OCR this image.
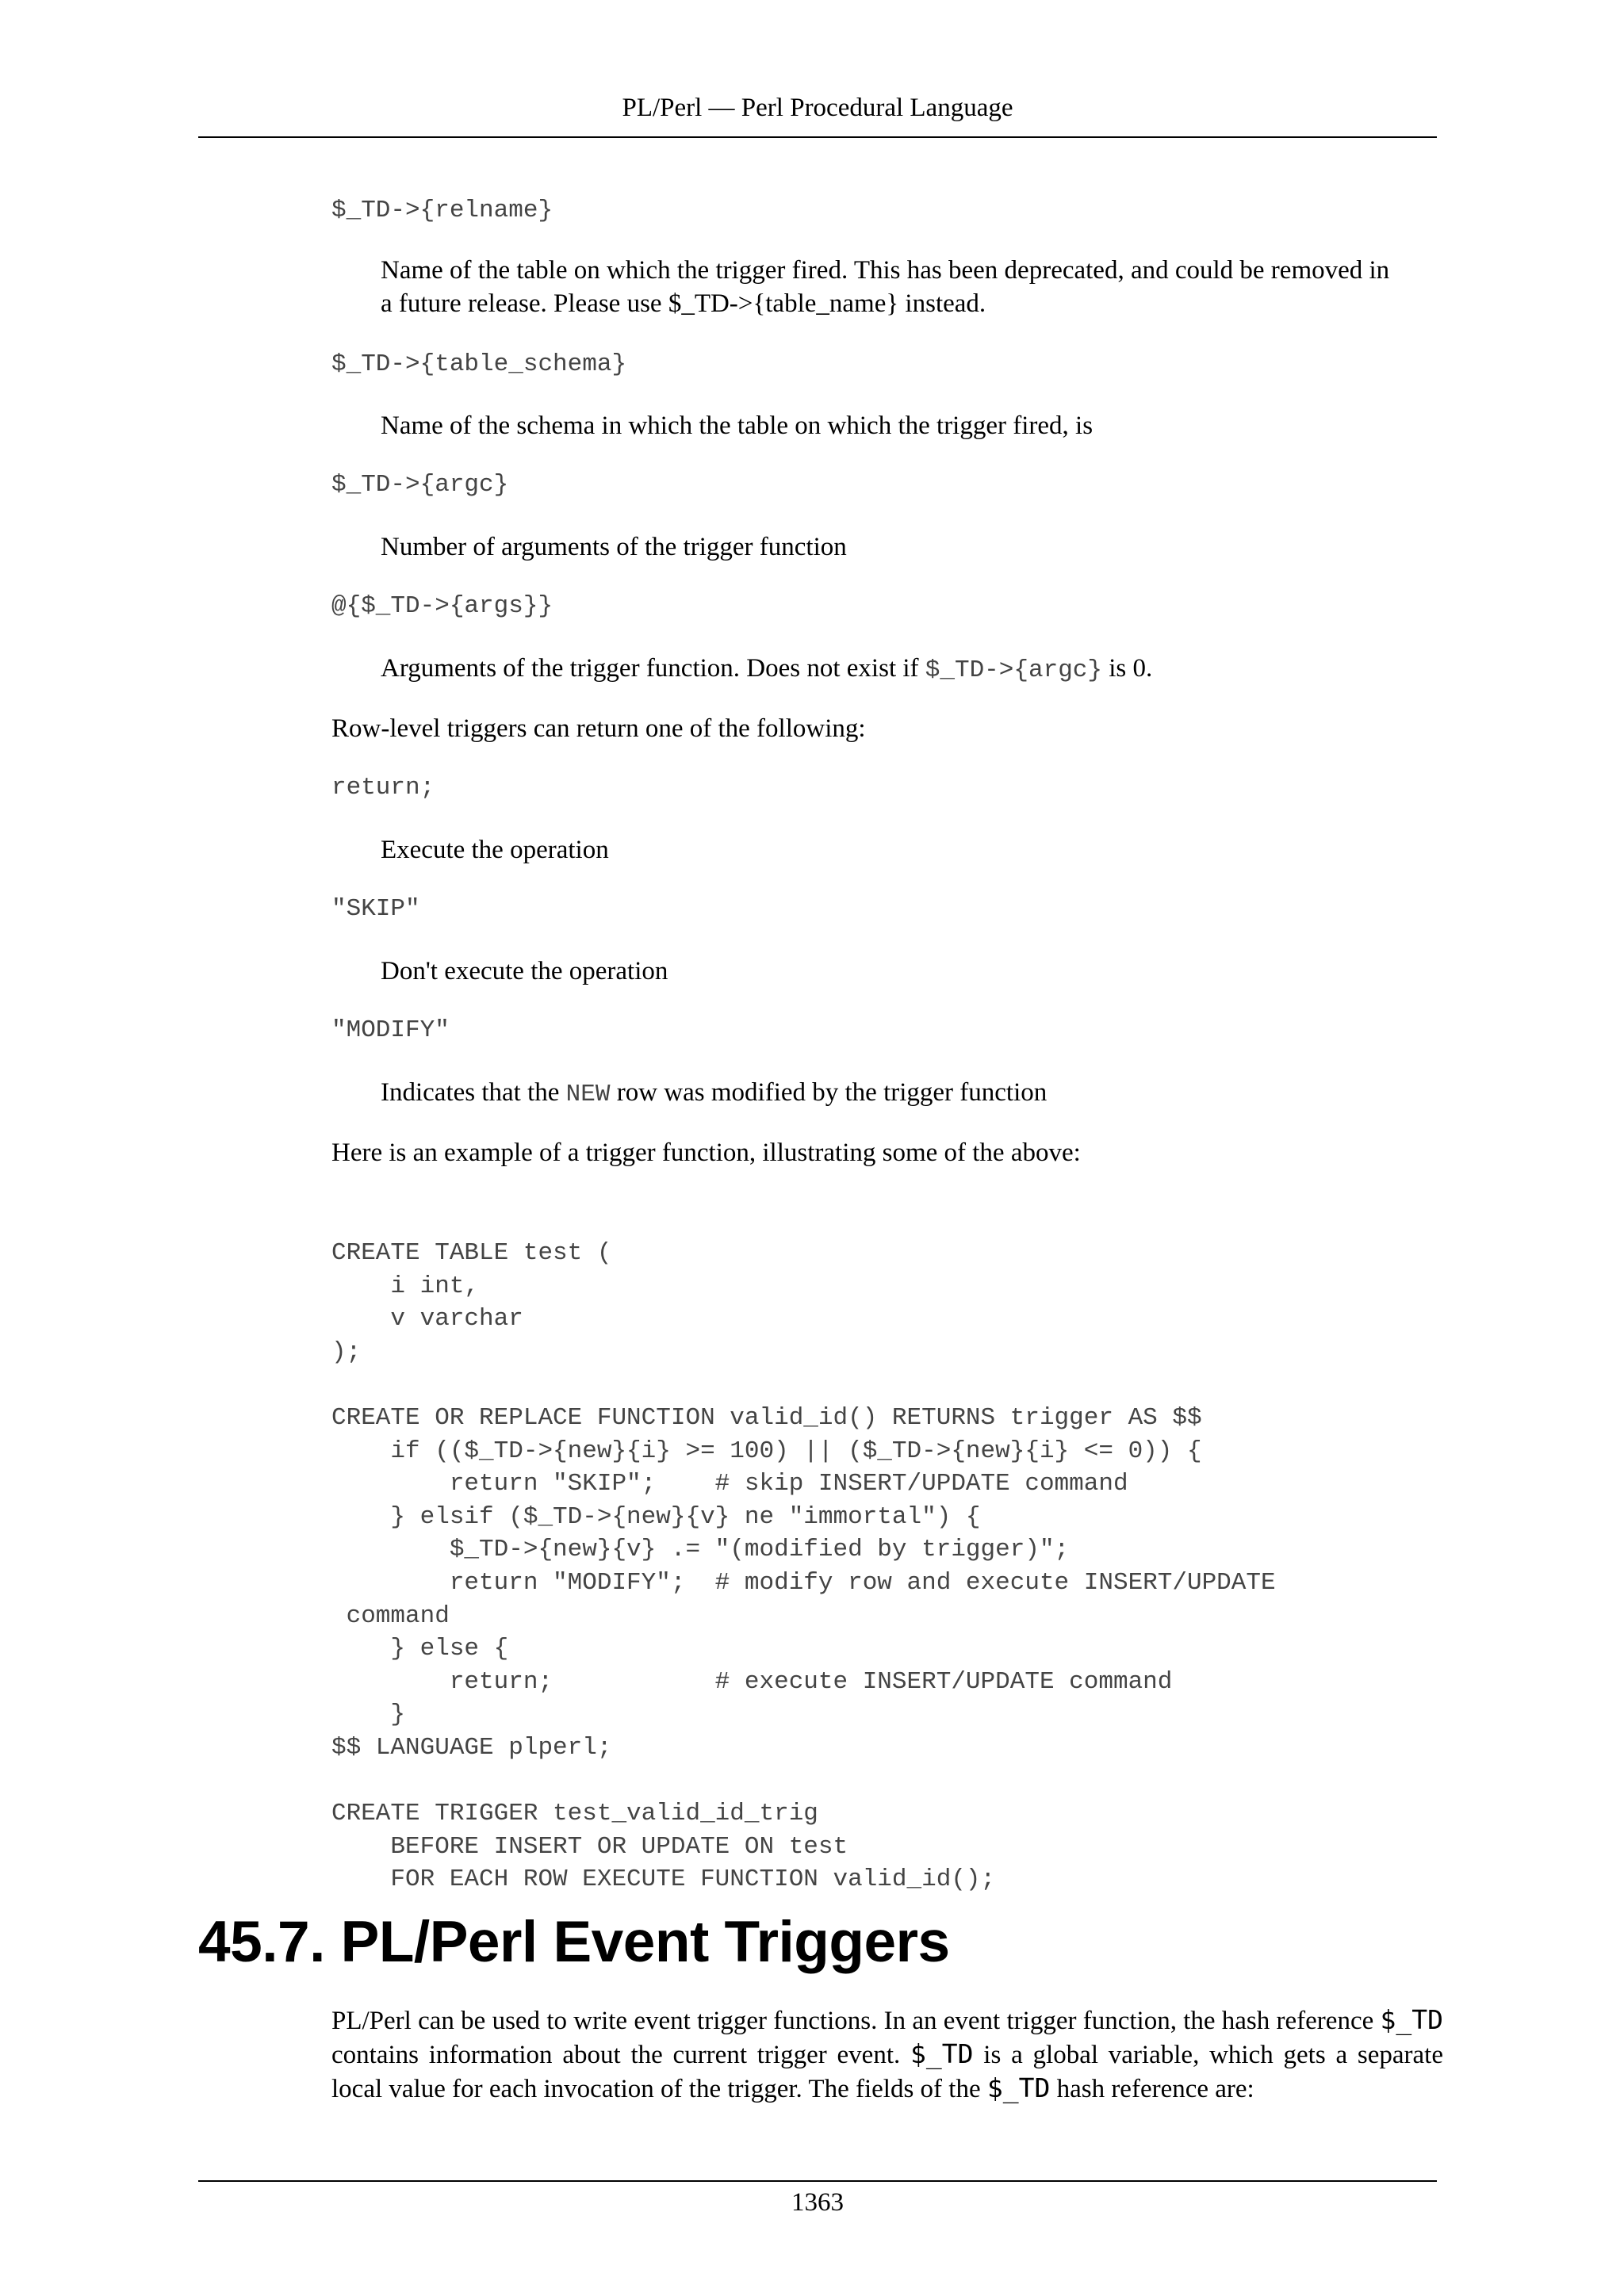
PL/Perl — Perl Procedural Language
$_TD->{relname}
Name of the table on which the trigger fired. This has been deprecated, and could be removed in
a future release. Please use $_TD->{table_name} instead.
$_TD->{table_schema}
Name of the schema in which the table on which the trigger fired, is
$_TD->{argc}
Number of arguments of the trigger function
@{$_TD->{args}}
Arguments of the trigger function. Does not exist if $_TD->{argc} is 0.
Row-level triggers can return one of the following:
return;
Execute the operation
"SKIP"
Don't execute the operation
"MODIFY"
Indicates that the NEW row was modified by the trigger function
Here is an example of a trigger function, illustrating some of the above:
CREATE TABLE test (
i int,
v varchar
);

CREATE OR REPLACE FUNCTION valid_id() RETURNS trigger AS $$
if (($_TD->{new}{i} >= 100) || ($_TD->{new}{i} <= 0)) {
return "SKIP";    # skip INSERT/UPDATE command
} elsif ($_TD->{new}{v} ne "immortal") {
$_TD->{new}{v} .= "(modified by trigger)";
return "MODIFY";  # modify row and execute INSERT/UPDATE
command
} else {
return;           # execute INSERT/UPDATE command
}
$$ LANGUAGE plperl;

CREATE TRIGGER test_valid_id_trig
BEFORE INSERT OR UPDATE ON test
FOR EACH ROW EXECUTE FUNCTION valid_id();
45.7. PL/Perl Event Triggers
PL/Perl can be used to write event trigger functions. In an event trigger function, the hash reference $_TD contains information about the current trigger event. $_TD is a global variable, which gets a separate local value for each invocation of the trigger. The fields of the $_TD hash reference are:
1363
